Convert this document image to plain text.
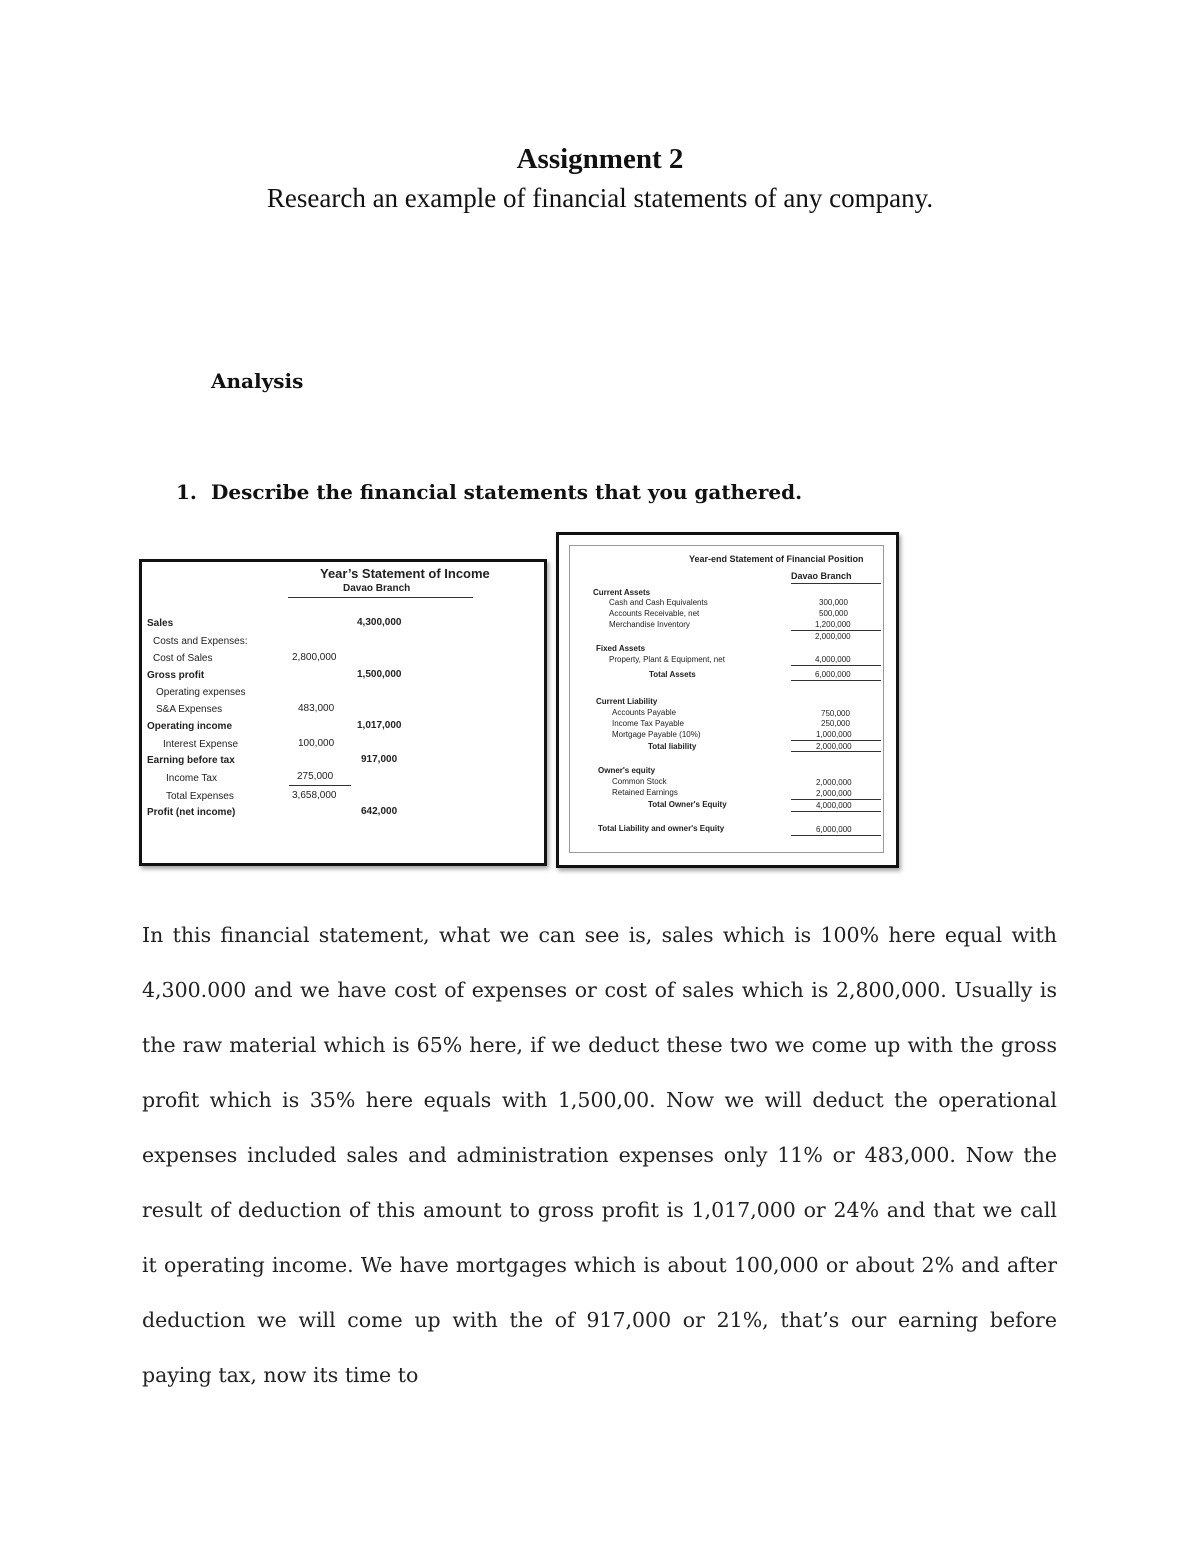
Assignment 2
Research an example of financial statements of any company.
Analysis
1. Describe the financial statements that you gathered.
Year’s Statement of Income
Davao Branch
Sales	4,300,000
Costs and Expenses:
Cost of Sales	2,800,000
Gross profit	1,500,000
Operating expenses
S&A Expenses	483,000
Operating income	1,017,000
Interest Expense	100,000
Earning before tax	917,000
Income Tax	275,000
Total Expenses	3,658,000
Profit (net income)	642,000
Year-end Statement of Financial Position
Davao Branch
Current Assets
Cash and Cash Equivalents	300,000
Accounts Receivable, net	500,000
Merchandise Inventory	1,200,000
2,000,000
Fixed Assets
Property, Plant & Equipment, net	4,000,000
Total Assets	6,000,000
Current Liability
Accounts Payable	750,000
Income Tax Payable	250,000
Mortgage Payable (10%)	1,000,000
Total liability	2,000,000
Owner's equity
Common Stock	2,000,000
Retained Earnings	2,000,000
Total Owner's Equity	4,000,000
Total Liability and owner's Equity	6,000,000
In this financial statement, what we can see is, sales which is 100% here equal with 4,300.000 and we have cost of expenses or cost of sales which is 2,800,000. Usually is the raw material which is 65% here, if we deduct these two we come up with the gross profit which is 35% here equals with 1,500,00. Now we will deduct the operational expenses included sales and administration expenses only 11% or 483,000. Now the result of deduction of this amount to gross profit is 1,017,000 or 24% and that we call it operating income. We have mortgages which is about 100,000 or about 2% and after deduction we will come up with the of 917,000 or 21%, that’s our earning before paying tax, now its time to
